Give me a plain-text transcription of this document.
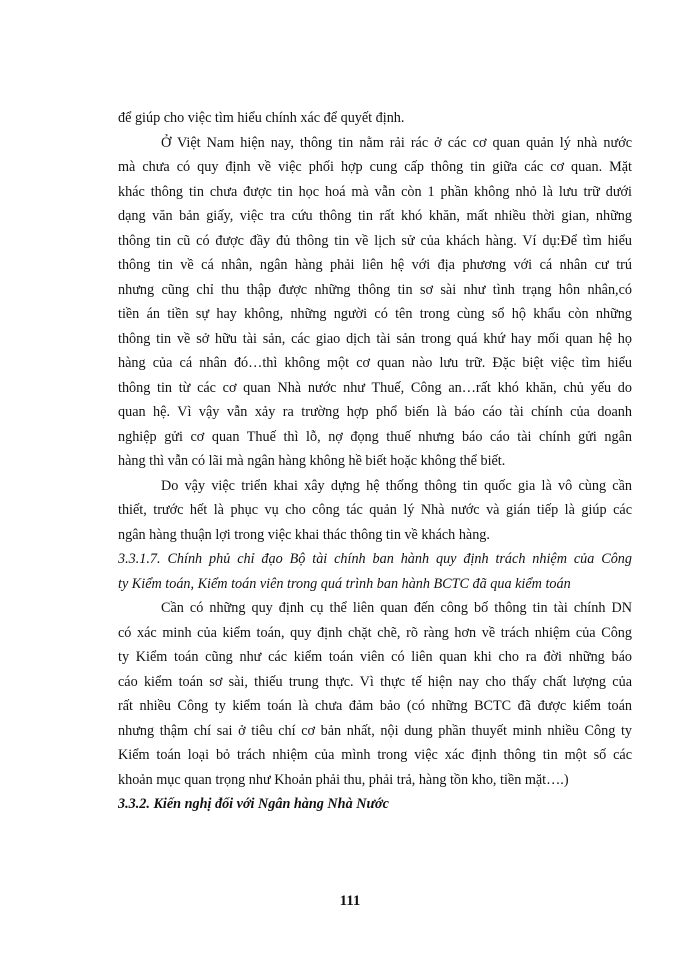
để giúp cho việc tìm hiểu chính xác để quyết định.
Ở Việt Nam hiện nay, thông tin nằm rải rác ở các cơ quan quản lý nhà nước
mà chưa có quy định về việc phối hợp cung cấp thông tin giữa các cơ quan. Mặt
khác thông tin chưa được tin học hoá mà vẫn còn 1 phần không nhỏ là lưu trữ dưới
dạng văn bản giấy, việc tra cứu thông tin rất khó khăn, mất nhiều thời gian, những
thông tin cũ có được đầy đủ thông tin về lịch sử của khách hàng. Ví dụ:Để tìm hiểu
thông tin về cá nhân, ngân hàng phải liên hệ với địa phương với cá nhân cư trú
nhưng cũng chỉ thu thập được những thông tin sơ sài như tình trạng hôn nhân,có
tiền án tiền sự hay không, những người có tên trong cùng sổ hộ khẩu còn những
thông tin về sở hữu tài sản, các giao dịch tài sản trong quá khứ hay mối quan hệ họ
hàng của cá nhân đó…thì không một cơ quan nào lưu trữ. Đặc biệt việc tìm hiểu
thông tin từ các cơ quan Nhà nước như Thuế, Công an…rất khó khăn, chủ yếu do
quan hệ. Vì vậy vẫn xảy ra trường hợp phổ biến là báo cáo tài chính của doanh
nghiệp gửi cơ quan Thuế thì lỗ, nợ đọng thuế nhưng báo cáo tài chính gửi ngân
hàng thì vẫn có lãi mà ngân hàng không hề biết hoặc không thể biết.
Do vậy việc triển khai xây dựng hệ thống thông tin quốc gia là vô cùng cần
thiết, trước hết là phục vụ cho công tác quản lý Nhà nước và gián tiếp là giúp các
ngân hàng thuận lợi trong việc khai thác thông tin về khách hàng.
3.3.1.7. Chính phủ chỉ đạo Bộ tài chính ban hành quy định trách nhiệm của Công
ty Kiểm toán, Kiểm toán viên trong quá trình ban hành BCTC đã qua kiểm toán
Cần có những quy định cụ thể liên quan đến công bố thông tin tài chính DN
có xác minh của kiểm toán, quy định chặt chẽ, rõ ràng hơn về trách nhiệm của Công
ty Kiểm toán cũng như các kiểm toán viên có liên quan khi cho ra đời những báo
cáo kiểm toán sơ sài, thiếu trung thực. Vì thực tế hiện nay cho thấy chất lượng của
rất nhiều Công ty kiểm toán là chưa đảm bảo (có những BCTC đã được kiểm toán
nhưng thậm chí sai ở tiêu chí cơ bản nhất, nội dung phần thuyết minh nhiều Công ty
Kiểm toán loại bỏ trách nhiệm của mình trong việc xác định thông tin một số các
khoản mục quan trọng như Khoản phải thu, phải trả, hàng tồn kho, tiền mặt….)
3.3.2. Kiến nghị đối với Ngân hàng Nhà Nước
111
